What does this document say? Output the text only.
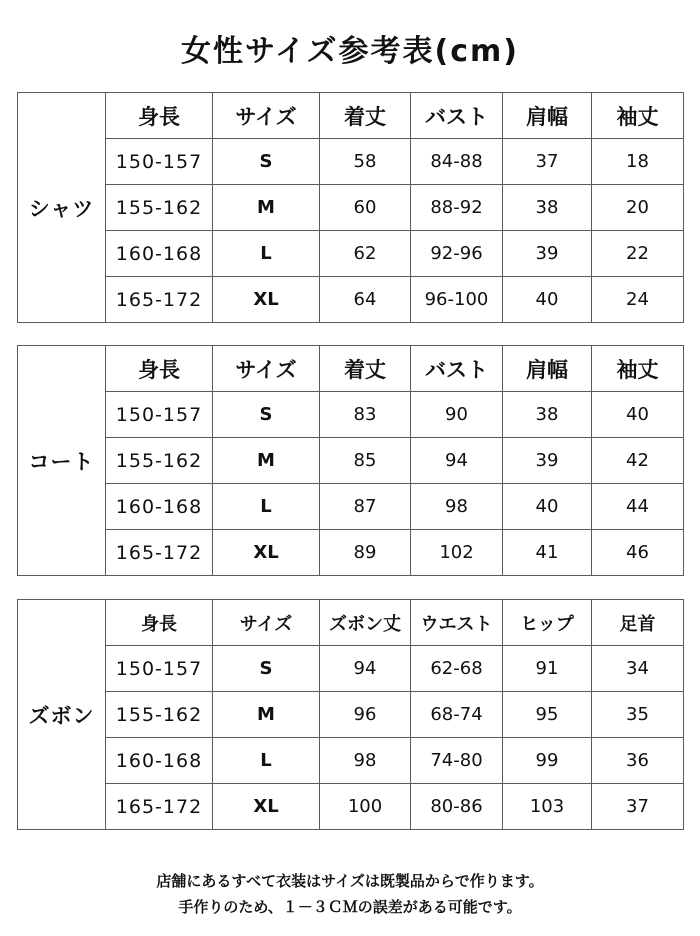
女性サイズ参考表(cm)
シャツ	身長	サイズ	着丈	バスト	肩幅	袖丈
	150-157	S	58	84-88	37	18
	155-162	M	60	88-92	38	20
	160-168	L	62	92-96	39	22
	165-172	XL	64	96-100	40	24
コート	身長	サイズ	着丈	バスト	肩幅	袖丈
	150-157	S	83	90	38	40
	155-162	M	85	94	39	42
	160-168	L	87	98	40	44
	165-172	XL	89	102	41	46
ズボン	身長	サイズ	ズボン丈	ウエスト	ヒップ	足首
	150-157	S	94	62-68	91	34
	155-162	M	96	68-74	95	35
	160-168	L	98	74-80	99	36
	165-172	XL	100	80-86	103	37
店舗にあるすべて衣装はサイズは既製品からで作ります。
手作りのため、１－３ＣＭの誤差がある可能です。
